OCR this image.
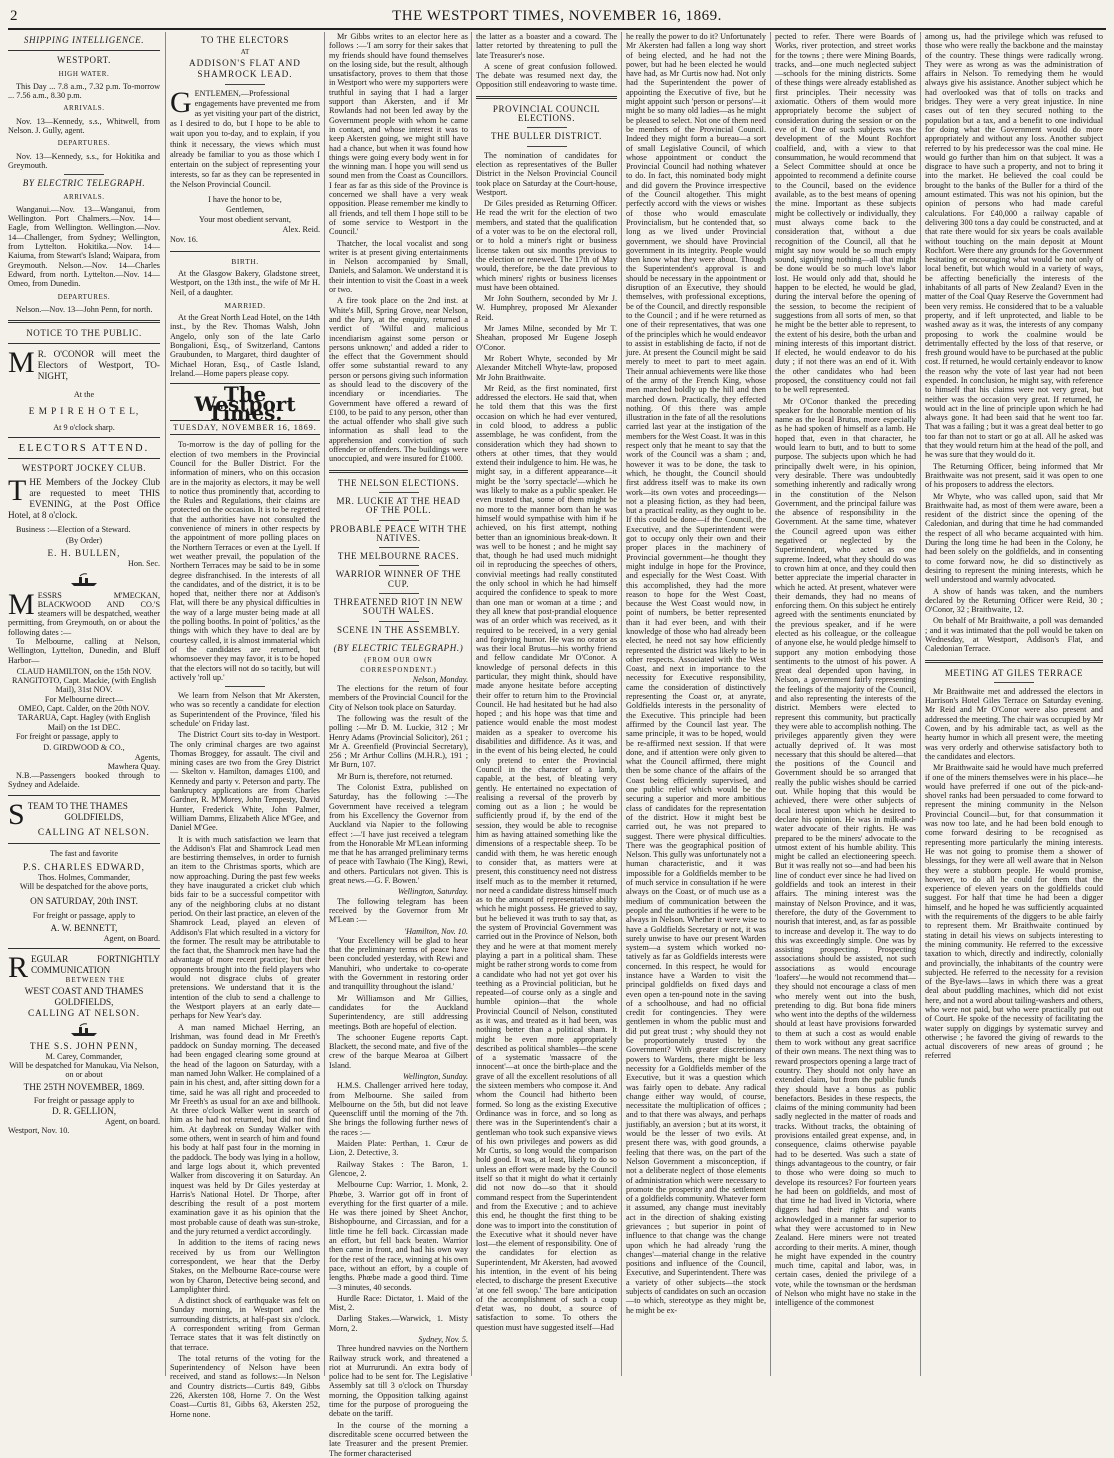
2	THE WESTPORT TIMES, NOVEMBER 16, 1869.
SHIPPING INTELLIGENCE.
WESTPORT.
HIGH WATER.

This Day ... 7.8 a.m., 7.32 p.m. To-morrow ... 7.56 a.m., 8.30 p.m.

ARRIVALS.

Nov. 13—Kennedy, s.s., Whitwell, from Nelson. J. Gully, agent.

DEPARTURES.

Nov. 13—Kennedy, s.s., for Hokitika and Greymouth.

BY ELECTRIC TELEGRAPH.
ARRIVALS.

Wanganui.—Nov. 13—Wanganui, from Wellington. Port Chalmers.—Nov. 14—Eagle, from Wellington. Wellington.—Nov. 14—Challenger, from Sydney; Wellington, from Lyttelton. Hokitika.—Nov. 14—Kaiuma, from Stewart's Island; Waipara, from Greymouth. Nelson.—Nov. 14—Charles Edward, from north. Lyttelton.—Nov. 14—Omeo, from Dunedin.

DEPARTURES.

Nelson.—Nov. 13—John Penn, for north.

NOTICE TO THE PUBLIC.
M R. O'CONOR will meet the Electors of Westport, TO-NIGHT,
At the
E M P I R E H O T E L,
At 9 o'clock sharp.
ELECTORS ATTEND.
WESTPORT JOCKEY CLUB.
THE Members of the Jockey Club are requested to meet THIS EVENING, at the Post Office Hotel, at 8 o'clock.

Business :—Election of a Steward.

(By Order)
E. H. BULLEN,
Hon. Sec.
MESSRS M'MECKAN, BLACKWOOD AND CO.'S steamers will be despatched, weather permitting, from Greymouth, on or about the following dates :—

To Melbourne, calling at Nelson, Wellington, Lyttelton, Dunedin, and Bluff Harbor—

CLAUD HAMILTON, on the 15th NOV.
RANGITOTO, Capt. Mackie, (with English Mail), 31st NOV.
For Melbourne direct—
OMEO, Capt. Calder, on the 20th NOV.
TARARUA, Capt. Hagley (with English Mail) on the 1st DEC.

For freight or passage, apply to

D. GIRDWOOD & CO.,
Agents,
Mawhera Quay.

N.B.—Passengers booked through to Sydney and Adelaide.

STEAM TO THE THAMES
GOLDFIELDS,
CALLING AT NELSON.
The fast and favorite
P.S. CHARLES EDWARD,
Thos. Holmes, Commander,
Will be despatched for the above ports,
ON SATURDAY, 20th INST.
For freight or passage, apply to
A. W. BENNETT,
Agent, on Board.
REGULAR FORTNIGHTLY COMMUNICATION
BETWEEN THE
WEST COAST AND THAMES GOLDFIELDS,
CALLING AT NELSON.
THE S.S. JOHN PENN,
M. Carey, Commander,
Will be despatched for Manukau, Via Nelson, on or about
THE 25TH NOVEMBER, 1869.
For freight or passage apply to
D. R. GELLION,
Agent, on board.
Westport, Nov. 10.
TO THE ELECTORS
AT
ADDISON'S FLAT AND SHAMROCK LEAD.
GENTLEMEN,—Professional engagements have prevented me from as yet visiting your part of the district, as I desired to do, but I hope to be able to wait upon you to-day, and to explain, if you think it necessary, the views which must already be familiar to you as those which I entertain on the subject of representing your interests, so far as they can be represented in the Nelson Provincial Council.
I have the honor to be,
Gentlemen,
Your most obedient servant,
Alex. Reid.
Nov. 16.
BIRTH.

At the Glasgow Bakery, Gladstone street, Westport, on the 13th inst., the wife of Mr H. Neil, of a daughter.

MARRIED.

At the Great North Lead Hotel, on the 14th inst., by the Rev. Thomas Walsh, John Angelo, only son of the late Carlo Bongalioni, Esq., of Switzerland, Cantons Graubunden, to Margaret, third daughter of Michael Horan, Esq., of Castle Island, Ireland.—Home papers please copy.

The Westport Times.
TUESDAY, NOVEMBER 16, 1869.

To-morrow is the day of polling for the election of two members in the Provincial Council for the Buller District. For the information of miners, who on this occasion are in the majority as electors, it may be well to notice thus prominently that, according to the Rules and Regulations, their claims are protected on the occasion. It is to be regretted that the authorities have not consulted the convenience of miners in other respects by the appointment of more polling places on the Northern Terraces or even at the Lyell. If wet weather prevail, the population of the Northern Terraces may be said to be in some degree disfranchised. In the interests of all the candidates, and of the district, it is to be hoped that, neither there nor at Addison's Flat, will there be any physical difficulties in the way of a large muster being made at all the polling booths. In point of 'politics,' as the things with which they have to deal are by courtesy called, it is almost immaterial which of the candidates are returned, but whomsoever they may favor, it is to be hoped that the electors will not do so tacitly, but will actively 'roll up.'

We learn from Nelson that Mr Akersten, who was so recently a candidate for election as Superintendent of the Province, 'filed his schedule' on Friday last.

The District Court sits to-day in Westport. The only criminal charges are two against Thomas Broggey, for assault. The civil and mining cases are two from the Grey District — Skelton v. Hamilton, damages £100, and Kennedy and party v. Peterson and party. The bankruptcy applications are from Charles Gardner, R. M'Morey, John Tempesty, David Hunter, Frederick White, John Palmer, William Damms, Elizabeth Alice M'Gee, and Daniel M'Gee.

It is with much satisfaction we learn that the Addison's Flat and Shamrock Lead men are bestirring themselves, in order to furnish an item to the Christmas sports, which are now approaching. During the past few weeks they have inaugurated a cricket club which bids fair to be a successful competitor with any of the neighboring clubs at no distant period. On their last practice, an eleven of the Shamrock Lead, played an eleven of Addison's Flat which resulted in a victory for the former. The result may be attributable to the fact that, the Shamrock men have had the advantage of more recent practice; but their opponents brought into the field players who would not disgrace clubs of greater pretensions. We understand that it is the intention of the club to send a challenge to the Westport players at an early date—perhaps for New Year's day.

A man named Michael Herring, an Irishman, was found dead in Mr Freeth's paddock on Sunday morning. The deceased had been engaged clearing some ground at the head of the lagoon on Saturday, with a man named John Walker. He complained of a pain in his chest, and, after sitting down for a time, said he was all right and proceeded to Mr Freeth's as usual for an axe and billhook. At three o'clock Walker went in search of him as he had not returned, but did not find him. At daybreak on Sunday Walker with some others, went in search of him and found his body at half past four in the morning in the paddock. The body was lying in a hollow, and large logs about it, which prevented Walker from discovering it on Saturday. An inquest was held by Dr Giles yesterday at Harris's National Hotel. Dr Thorpe, after describing the result of a post mortem examination gave it as his opinion that the most probable cause of death was sun-stroke, and the jury returned a verdict accordingly.

In addition to the items of racing news received by us from our Wellington correspondent, we hear that the Derby Stakes, on the Melbourne Race-course were won by Charon, Detective being second, and Lamplighter third.

A distinct shock of earthquake was felt on Sunday morning, in Westport and the surrounding districts, at half-past six o'clock. A correspondent writing from German Terrace states that it was felt distinctly on that terrace.

The total returns of the voting for the Superintendency of Nelson have been received, and stand as follows:—In Nelson and Country districts—Curtis 849, Gibbs 226, Akersten 108, Horne 7. On the West Coast—Curtis 81, Gibbs 63, Akersten 252, Horne none.

Mr Gibbs writes to an elector here as follows :—'I am sorry for their sakes that my friends should have found themselves on the losing side, but the result, although unsatisfactory, proves to them that those in Westport who were my supporters were truthful in saying that I had a larger support than Akersten, and if Mr Rowlands had not been led away by the Government people with whom he came in contact, and whose interest it was to keep Akersten going, we might still have had a chance, but when it was found how things were going every body went in for the winning man. I hope you will send us sound men from the Coast as Councillors. I fear as far as this side of the Province is concerned we shall have a very weak opposition. Please remember me kindly to all friends, and tell them I hope still to be of some service to Westport in the Council.'

Thatcher, the local vocalist and song writer is at present giving entertainments in Nelson accompanied by Small, Daniels, and Salamon. We understand it is their intention to visit the Coast in a week or two.

A fire took place on the 2nd inst. at White's Mill, Spring Grove, near Nelson, and the Jury, at the enquiry, returned a verdict of 'Wilful and malicious incendiarism against some person or persons unknown;' and added a rider to the effect that the Government should offer some substantial reward to any person or persons giving such information as should lead to the discovery of the incendiary or incendiaries. The Government have offered a reward of £100, to be paid to any person, other than the actual offender who shall give such information as shall lead to the apprehension and conviction of such offender or offenders. The buildings were unoccupied, and were insured for £1000.

THE NELSON ELECTIONS.
MR. LUCKIE AT THE HEAD OF THE POLL.
PROBABLE PEACE WITH THE NATIVES.
THE MELBOURNE RACES.
WARRIOR WINNER OF THE CUP.
THREATENED RIOT IN NEW SOUTH WALES.
SCENE IN THE ASSEMBLY.
(BY ELECTRIC TELEGRAPH.)
(FROM OUR OWN CORRESPONDENT.)
Nelson, Monday.

The elections for the return of four members of the Provincial Council for the City of Nelson took place on Saturday.

The following was the result of the polling :—Mr D. M. Luckie, 312 ; Mr Henry Adams (Provincial Solicitor), 261 ; Mr A. Greenfield (Provincial Secretary), 256 ; Mr Arthur Collins (M.H.R.), 191 ; Mr Burn, 107.

Mr Burn is, therefore, not returned.

The Colonist Extra, published on Saturday, has the following :—The Government have received a telegram from his Excellency the Governor from Auckland via Napier to the following effect :—'I have just received a telegram from the Honorable Mr M'Lean informing me that he has arranged preliminary terms of peace with Tawhaio (The King), Rewi, and others. Particulars not given. This is great news.—G. F. Bowen.'

Wellington, Saturday.

The following telegram has been received by the Governor from Mr M'Lean :—

'Hamilton, Nov. 10.

'Your Excellency will be glad to hear that the preliminary terms of peace have been concluded yesterday, with Rewi and Manuhiri, who undertake to co-operate with the Government in restoring order and tranquillity throughout the island.'

Mr Williamson and Mr Gillies, candidates for the Auckland Superintendency, are still addressing meetings. Both are hopeful of election.

The schooner Eugene reports Capt. Blackett, the second mate, and five of the crew of the barque Mearoa at Gilbert Island.

Wellington, Sunday.

H.M.S. Challenger arrived here today, from Melbourne. She sailed from Melbourne on the 5th, but did not leave Queenscliff until the morning of the 7th. She brings the following further news of the races :—

Maiden Plate: Perthan, 1. Cœur de Lion, 2. Detective, 3.

Railway Stakes : The Baron, 1. Glencoe, 2.

Melbourne Cup: Warrior, 1. Monk, 2. Phœbe, 3. Warrior got off in front of everything for the first quarter of a mile. He was there joined by Sheet Anchor, Bishopbourne, and Circassian, and for a little time he fell back. Circassian made an effort, but fell back beaten. Warrior then came in front, and had his own way for the rest of the race, winning at his own pace, without an effort, by a couple of lengths. Phœbe made a good third. Time—3 minutes, 40 seconds.

Hurdle Race: Dictator, 1. Maid of the Mist, 2.

Darling Stakes.—Warwick, 1. Misty Morn, 2.

Sydney, Nov. 5.

Three hundred navvies on the Northern Railway struck work, and threatened a riot at Murrurundi. An extra body of police had to be sent for. The Legislative Assembly sat till 3 o'clock on Thursday morning, the Opposition talking against time for the purpose of prorogueing the debate on the tariff.

In the course of the morning a discreditable scene occurred between the late Treasurer and the present Premier. The former characterised

the latter as a boaster and a coward. The latter retorted by threatening to pull the late Treasurer's nose.

A scene of great confusion followed. The debate was resumed next day, the Opposition still endeavoring to waste time.

PROVINCIAL COUNCIL ELECTIONS.
THE BULLER DISTRICT.

The nomination of candidates for election as representatives of the Buller District in the Nelson Provincial Council took place on Saturday at the Court-house, Westport.

Dr Giles presided as Returning Officer. He read the writ for the election of two members, and stated that the qualification of a voter was to be on the electoral roll, or to hold a miner's right or business license taken out six months previous to the election or renewed. The 17th of May would, therefore, be the date previous to which miners' rights or business licenses must have been obtained.

Mr John Southern, seconded by Mr J. W. Humphrey, proposed Mr Alexander Reid.

Mr James Milne, seconded by Mr T. Sheahan, proposed Mr Eugene Joseph O'Conor.

Mr Robert Whyte, seconded by Mr Alexander Mitchell Whyte-law, proposed Mr John Braithwaite.

Mr Reid, as the first nominated, first addressed the electors. He said that, when he told them that this was the first occasion on which he had ever ventured, in cold blood, to address a public assemblage, he was confident, from the consideration which they had shown to others at other times, that they would extend their indulgence to him. He was, he might say, in a different appearance—it might be the 'sorry spectacle'—which he was likely to make as a public speaker. He even trusted that, some of them might be no more to the manner born than he was himself would sympathise with him if he achieved, on his first attempt, nothing better than an ignominious break-down. It was well to be honest ; and he might say that, though he had used much midnight oil in reproducing the speeches of others, convivial meetings had really constituted the only school in which he had himself acquired the confidence to speak to more than one man or woman at a time ; and they all knew that post-prandial eloquence was of an order which was received, as it required to be received, in a very genial and forgiving humor. He was no orator as was their local Brutus—his worthy friend and fellow candidate Mr O'Conor. A knowledge of personal defects in this particular, they might think, should have made anyone hesitate before accepting their offer to return him to the Provincial Council. He had hesitated but he had also hoped ; and his hope was that time and patience would enable the most modest maiden as a speaker to overcome his disabilities and diffidence. As it was, and in the event of his being elected, he could only pretend to enter the Provincial Council in the character of a lamb, capable, at the best, of bleating very gently. He entertained no expectation of realising a reversal of the proverb by coming out as a lion ; he would be sufficiently proud if, by the end of the session, they would be able to recognise him as having attained something like the dimensions of a respectable sheep. To be candid with them, he was heretic enough to consider that, as matters were at present, this constituency need not distress itself much as to the member it returned, nor need a candidate distress himself much as to the amount of representative ability which he might possess. He grieved to say, but he believed it was truth to say that, as the system of Provincial Government was carried out in the Province of Nelson, both they and he were at that moment merely playing a part in a political sham. These might be rather strong words to come from a candidate who had not yet got over his teething as a Provincial politician, but he repeated—of course only as a single and humble opinion—that the whole Provincial Council of Nelson, constituted as it was, and treated as it had been, was nothing better than a political sham. It might be even more appropriately described as political shambles—the scene of a systematic 'massacre of the innocent'—at once the birth-place and the grave of all the excellent resolutions of all the sixteen members who compose it. And whom the Council had hitherto been formed. So long as the existing Executive Ordinance was in force, and so long as there was in the Superintendent's chair a gentleman who took such expansive views of his own privileges and powers as did Mr Curtis, so long would the comparison hold good. It was, at least, likely to do so unless an effort were made by the Council itself so that it might do what it certainly did not now do—so that it should command respect from the Superintendent and from the Executive ; and to achieve this end, he thought the first thing to be done was to import into the constitution of the Executive what it should never have lost—the element of responsibility. One of the candidates for election as Superintendent, Mr Akersten, had avowed his intention, in the event of his being elected, to discharge the present Executive 'at one fell swoop.' The bare anticipation of the accomplishment of such a coup d'etat was, no doubt, a source of satisfaction to some. To others the question must have suggested itself—Had

he really the power to do it? Unfortunately Mr Akersten had fallen a long way short of being elected, and he had not the power, but had he been elected he would have had, as Mr Curtis now had. Not only had the Superintendent the power of appointing the Executive of five, but he might appoint such 'person or persons'—it might be so many old ladies—as he might be pleased to select. Not one of them need be members of the Provincial Council. Indeed they might form a bureau—a sort of small Legislative Council, of which whose appointment or conduct the Provincial Council had nothing whatever to do. In fact, this nominated body might and did govern the Province irrespective of the Council altogether. This might perfectly accord with the views or wishes of those who would emasculate Provincialism, but he contended that, so long as we lived under Provincial government, we should have Provincial government in its integrity. People would then know what they were about. Though the Superintendent's approval is and should be necessary in the appointment or disruption of an Executive, they should themselves, with professional exceptions, be of the Council, and directly responsible to the Council ; and if he were returned as one of their representatives, that was one of the principles which he would endeavor to assist in establishing de facto, if not de jure. At present the Council might be said merely to meet to part to meet again. Their annual achievements were like those of the army of the French King, whose men marched boldly up the hill and then marched down. Practically, they effected nothing. Of this there was ample illustration in the fate of all the resolutions carried last year at the instigation of the members for the West Coast. It was in this respect only that he meant to say that the work of the Council was a sham ; and, however it was to be done, the task to which, he thought, the Council should first address itself was to make its own work—its own votes and proceedings—not a pleasing fiction, as they had been, but a practical reality, as they ought to be. If this could be done—if the Council, the Executive, and the Superintendent were got to occupy only their own and their proper places in the machinery of Provincial government—he thought they might indulge in hope for the Province, and especially for the West Coast. With this accomplished, they had the more reason to hope for the West Coast, because the West Coast would now, in point of numbers, be better represented than it had ever been, and with their knowledge of those who had already been elected, he need not say how efficiently represented the district was likely to be in other respects. Associated with the West Coast, and next in importance to the necessity for Executive responsibility, came the consideration of distinctively representing the Coast or, at anyrate, Goldfields interests in the personality of the Executive. This principle had been affirmed by the Council last year. The same principle, it was to be hoped, would be re-affirmed next session. If that were done, and if attention were only given to what the Council affirmed, there might then be some chance of the affairs of the Coast being efficiently supervised, and one public relief which would be the securing a superior and more ambitious class of candidates for the representation of the district. How it might best be carried out, he was not prepared to suggest. There were physical difficulties. There was the geographical position of Nelson. This gully was unfortunately not a human characteristic, and it was impossible for a Goldfields member to be of much service in consultation if he were always on the Coast, or of much use as a medium of communication between the people and the authorities if he were to be always in Nelson. Whether it were wise to have a Goldfields Secretary or not, it was surely unwise to have our present Warden system—a system which worked no-tatively as far as Goldfields interests were concerned. In this respect, he would for instance have a Warden to visit the principal goldfields on fixed days and even open a ten-pound note in the saving of a schoolhouse, and had no official credit for contingencies. They were gentlemen in whom the public must and did put great trust ; why should they not be proportionately trusted by the Government? With greater discretionary powers to Wardens, there might be less necessity for a Goldfields member of the Executive, but it was a question which was fairly open to debate. Any radical change either way would, of course, necessitate the multiplication of offices ; and to that there was always, and perhaps justifiably, an aversion ; but at its worst, it would be the lesser of two evils. At present there was, with good grounds, a feeling that there was, on the part of the Nelson Government a misconception, if not a deliberate neglect of those elements of administration which were necessary to promote the prosperity and the settlement of a goldfields community. Whatever form it assumed, any change must inevitably act in the direction of shaking existing grievances ; but superior in point of influence to that change was the change upon which he had already 'rung the changes'—material change in the relative positions and influence of the Council, Executive, and Superintendent. There was a variety of other subjects—the stock subjects of candidates on such an occasion—to which, stereotype as they might be, he might be ex-

pected to refer. There were Boards of Works, river protection, and street works for the towns ; there were Mining Boards, tracks, and—one much neglected subject—schools for the mining districts. Some of these things were already established as first principles. Their necessity was axiomatic. Others of them would more appropriately become the subject of consideration during the session or on the eve of it. One of such subjects was the development of the Mount Rochfort coalfield, and, with a view to that consummation, he would recommend that a Select Committee should at once be appointed to recommend a definite course to the Council, based on the evidence available, as to the best means of opening the mine. Important as these subjects might be collectively or individually, they must always come back to the consideration that, without a due recognition of the Council, all that he might say now would be so much empty sound, signifying nothing—all that might be done would be so much love's labor lost. He would only add that, should he happen to be elected, he would be glad, during the interval before the opening of the session, to become the recipient of suggestions from all sorts of men, so that he might be the better able to represent, to the extent of his desire, both the urban and mining interests of this important district. If elected, he would endeavor to do his duty ; if not there was an end of it. With the other candidates who had been proposed, the constituency could not fail to be well represented.

Mr O'Conor thanked the preceding speaker for the honorable mention of his name as the local Brutus, more especially as he had spoken of himself as a lamb. He hoped that, even in that character, he would learn to butt, and to butt to some purpose. The subjects upon which he had principally dwelt were, in his opinion, very desirable. There was undoubtedly something inherently and radically wrong in the constitution of the Nelson Government, and the principal failure was the absence of responsibility in the Government. At the same time, whatever the Council agreed upon was either negatived or neglected by the Superintendent, who acted as one supreme. Indeed, what they should do was to crown him at once, and they could then better appreciate the imperial character in which he acted. At present, whatever were their demands, they had no means of enforcing them. On this subject he entirely agreed with the sentiments enunciated by the previous speaker, and if he were elected as his colleague, or the colleague of anyone else, he would pledge himself to support any motion embodying those sentiments to the utmost of his power. A great deal depended upon having, in Nelson, a government fairly representing the feelings of the majority of the Council, and also representing the interests of the district. Members were elected to represent this community, but practically they were able to accomplish nothing. The privileges apparently given they were actually deprived of. It was most necessary that this should be altered—that the positions of the Council and Government should be so arranged that really the public wishes should be carried out. While hoping that this would be achieved, there were other subjects of local interest upon which he desired to declare his opinion. He was in milk-and-water advocate of their rights. He was prepared to be the miners' advocate to the utmost extent of his humble ability. This might be called an electioneering speech. But it was really not so—and had been his line of conduct ever since he had lived on goldfields and took an interest in their affairs. The mining interest was the mainstay of Nelson Province, and it was, therefore, the duty of the Government to nourish that interest, and, as far as possible to increase and develop it. The way to do this was exceedingly simple. One was by assisting prospecting. Prospecting associations should be assisted, not such associations as would encourage 'loafers'—he would not recommend that—they should not encourage a class of men who merely went out into the bush, pretending to dig. But bona fide miners who went into the depths of the wilderness should at least have provisions forwarded to them at such a cost as would enable them to work without any great sacrifice of their own means. The next thing was to reward prospectors opening a large tract of country. They should not only have an extended claim, but from the public funds they should have a bonus as public benefactors. Besides in these respects, the claims of the mining community had been sadly neglected in the matter of roads and tracks. Without tracks, the obtaining of provisions entailed great expense, and, in consequence, claims otherwise payable had to be deserted. Was such a state of things advantageous to the country, or fair to those who were doing so much to develope its resources? For fourteen years he had been on goldfields, and most of that time he had lived in Victoria, where diggers had their rights and wants acknowledged in a manner far superior to what they were accustomed to in New Zealand. Here miners were not treated according to their merits. A miner, though he might have expended in the country much time, capital and labor, was, in certain cases, denied the privilege of a vote, while the townsman or the herdsman of Nelson who might have no stake in the intelligence of the commonest

among us, had the privilege which was refused to those who were really the backbone and the mainstay of the country. These things were radically wrong. They were as wrong as was the administration of affairs in Nelson. To remedying them he would always give his assistance. Another subject which he had overlooked was that of tolls on tracks and bridges. They were a very great injustice. In nine cases out of ten they secured nothing to the population but a tax, and a benefit to one individual for doing what the Government would do more appropriately and without any loss. Another subject referred to by his predecessor was the coal mine. He would go further than him on that subject. It was a disgrace to have such a property, and not to bring it into the market. He believed the coal could be brought to the banks of the Buller for a third of the amount estimated. This was not his opinion, but the opinion of persons who had made careful calculations. For £40,000 a railway capable of delivering 300 tons a day could be constructed, and at that rate there would for six years be coals available without touching on the main deposit at Mount Rochfort. Were there any grounds for the Government hesitating or encouraging what would be not only of local benefit, but which would in a variety of ways, be affecting beneficially the interests of the inhabitants of all parts of New Zealand? Even in the matter of the Coal Quay Reserve the Government had been very remiss. He considered that to be a valuable property, and if left unprotected, and liable to be washed away as it was, the interests of any company proposing to work the coalmine would be detrimentally effected by the loss of that reserve, or fresh ground would have to be purchased at the public cost. If returned, he would certainly endeavor to know the reason why the vote of last year had not been expended. In conclusion, he might say, with reference to himself that his claims were not very great, but neither was the occasion very great. If returned, he would act in the line of principle upon which he had always gone. It had been said that he went too far. That was a failing ; but it was a great deal better to go too far than not to start or go at all. All he asked was that they would return him at the head of the poll, and he was sure that they would do it.

The Returning Officer, being informed that Mr Braithwaite was not present, said it was open to one of his proposers to address the electors.

Mr Whyte, who was called upon, said that Mr Braithwaite had, as most of them were aware, been a resident of the district since the opening of the Caledonian, and during that time he had commanded the respect of all who became acquainted with him. During the long time he had been in the Colony, he had been solely on the goldfields, and in consenting to come forward now, he did so distinctively as desiring to represent the mining interests, which he well understood and warmly advocated.

A show of hands was taken, and the numbers declared by the Returning Officer were Reid, 30 ; O'Conor, 32 ; Braithwaite, 12.

On behalf of Mr Braithwaite, a poll was demanded ; and it was intimated that the poll would be taken on Wednesday, at Westport, Addison's Flat, and Caledonian Terrace.

MEETING AT GILES TERRACE

Mr Braithwaite met and addressed the electors in Harrison's Hotel Giles Terrace on Saturday evening. Mr Reid and Mr O'Conor were also present and addressed the meeting. The chair was occupied by Mr Cowen, and by his admirable tact, as well as the hearty humor in which all present were, the meeting was very orderly and otherwise satisfactory both to the candidates and electors.

Mr Braithwaite said he would have much preferred if one of the miners themselves were in his place—he would have preferred if one out of the pick-and-shovel ranks had been persuaded to come forward to represent the mining community in the Nelson Provincial Council—but, for that consummation it was now too late, and he had been bold enough to come forward desiring to be recognised as representing more particularly the mining interests. He was not going to promise them a shower of blessings, for they were all well aware that in Nelson they were a stubborn people. He would promise, however, to do all he could for them that the experience of eleven years on the goldfields could suggest. For half that time he had been a digger himself, and he hoped he was sufficiently acquainted with the requirements of the diggers to be able fairly to represent them. Mr Braithwaite continued by stating in detail his views on subjects interesting to the mining community. He referred to the excessive taxation to which, directly and indirectly, colonially and provincially, the inhabitants of the country were subjected. He referred to the necessity for a revision of the Bye-laws—laws in which there was a great deal about puddling machines, which did not exist here, and not a word about tailing-washers and others, who were not paid, but who were practically put out of Court. He spoke of the necessity of facilitating the water supply on diggings by systematic survey and otherwise ; he favored the giving of rewards to the actual discoverers of new areas of ground ; he referred
